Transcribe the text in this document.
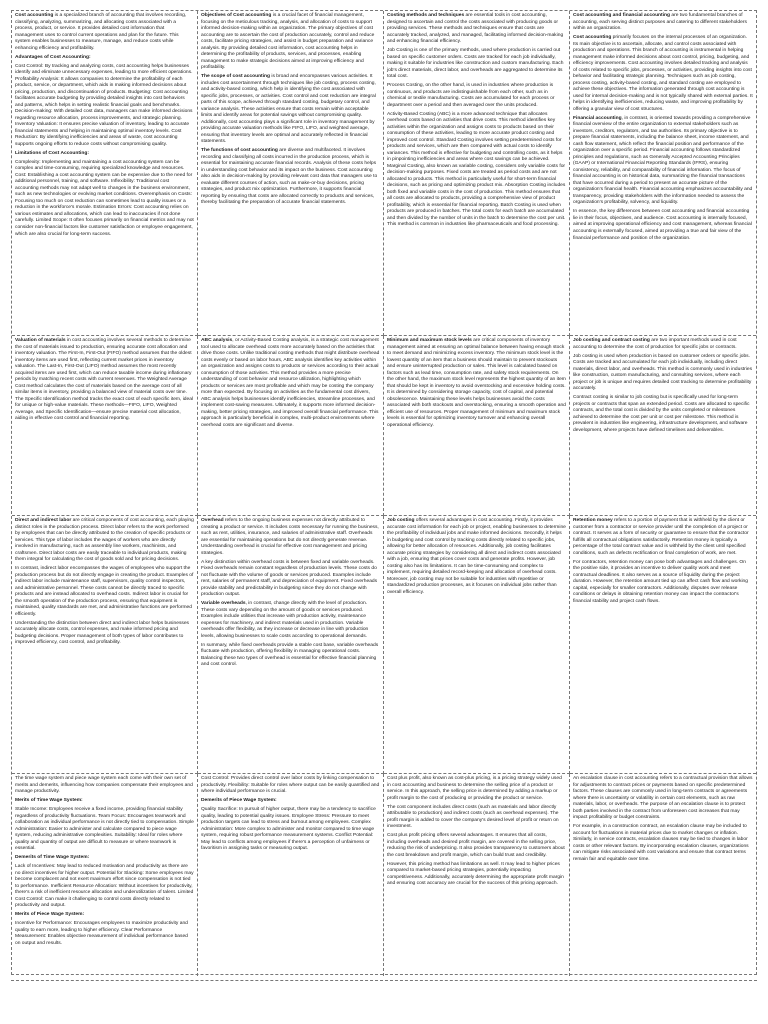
Cost accounting is a specialized branch of accounting that involves recording, classifying, analyzing, summarizing, and allocating costs associated with a process, product, or service. It provides detailed cost information that management uses to control current operations and plan for the future. This system enables businesses to measure, manage, and reduce costs while enhancing efficiency and profitability.

Advantages of Cost Accounting:

Cost Control: By tracking and analyzing costs, cost accounting helps businesses identify and eliminate unnecessary expenses, leading to more efficient operations. Profitability Analysis: It allows companies to determine the profitability of each product, service, or department, which aids in making informed decisions about pricing, production, and discontinuation of products. Budgeting: Cost accounting facilitates accurate budgeting by providing detailed insights into cost behaviors and patterns, which helps in setting realistic financial goals and benchmarks. Decision-making: With detailed cost data, managers can make informed decisions regarding resource allocation, process improvements, and strategic planning. Inventory Valuation: It ensures precise valuation of inventory, leading to accurate financial statements and helping in maintaining optimal inventory levels. Cost Reduction: By identifying inefficiencies and areas of waste, cost accounting supports ongoing efforts to reduce costs without compromising quality.

Limitations of Cost Accounting:

Complexity: Implementing and maintaining a cost accounting system can be complex and time-consuming, requiring specialized knowledge and resources. Cost: Establishing a cost accounting system can be expensive due to the need for additional personnel, training, and software. Inflexibility: Traditional cost accounting methods may not adapt well to changes in the business environment, such as new technologies or evolving market conditions. Overemphasis on Costs: Focusing too much on cost reduction can sometimes lead to quality issues or a reduction in the workforce's morale. Estimation Errors: Cost accounting relies on various estimates and allocations, which can lead to inaccuracies if not done carefully. Limited Scope: It often focuses primarily on financial metrics and may not consider non-financial factors like customer satisfaction or employee engagement, which are also crucial for long-term success.

Objectives of Cost accounting is a crucial facet of financial management, focusing on the meticulous tracking, analysis, and allocation of costs to support informed decision-making within an organization. The primary objectives of cost accounting are to ascertain the cost of production accurately, control and reduce costs, facilitate pricing strategies, and assist in budget preparation and variance analysis. By providing detailed cost information, cost accounting helps in determining the profitability of products, services, and processes, enabling management to make strategic decisions aimed at improving efficiency and profitability.

The scope of cost accounting is broad and encompasses various activities. It includes cost ascertainment through techniques like job costing, process costing, and activity-based costing, which help in identifying the cost associated with specific jobs, processes, or activities. Cost control and cost reduction are integral parts of this scope, achieved through standard costing, budgetary control, and variance analysis. These activities ensure that costs remain within acceptable limits and identify areas for potential savings without compromising quality. Additionally, cost accounting plays a significant role in inventory management by providing accurate valuation methods like FIFO, LIFO, and weighted average, ensuring that inventory levels are optimal and accurately reflected in financial statements.

The functions of cost accounting are diverse and multifaceted. It involves recording and classifying all costs incurred in the production process, which is essential for maintaining accurate financial records. Analysis of these costs helps in understanding cost behavior and its impact on the business. Cost accounting also aids in decision-making by providing relevant cost data that managers use to evaluate different courses of action, such as make-or-buy decisions, pricing strategies, and product mix optimization. Furthermore, it supports financial reporting by ensuring that costs are allocated correctly to products and services, thereby facilitating the preparation of accurate financial statements.

Costing methods and techniques are essential tools in cost accounting, designed to ascertain and control the costs associated with producing goods or providing services. These methods and techniques ensure that costs are accurately tracked, analyzed, and managed, facilitating informed decision-making and enhancing financial efficiency.

Job Costing is one of the primary methods, used where production is carried out based on specific customer orders. Costs are tracked for each job individually, making it suitable for industries like construction and custom manufacturing. Each job's direct materials, direct labor, and overheads are aggregated to determine its total cost.

Process Costing, on the other hand, is used in industries where production is continuous, and products are indistinguishable from each other, such as in chemical or textile manufacturing. Costs are accumulated for each process or department over a period and then averaged over the units produced.

Activity-Based Costing (ABC) is a more advanced technique that allocates overhead costs based on activities that drive costs. This method identifies key activities within the organization and assigns costs to products based on their consumption of these activities, leading to more accurate product costing and improved cost control. Standard Costing involves setting predetermined costs for products and services, which are then compared with actual costs to identify variances. This method is effective for budgeting and controlling costs, as it helps in pinpointing inefficiencies and areas where cost savings can be achieved. Marginal Costing, also known as variable costing, considers only variable costs for decision-making purposes. Fixed costs are treated as period costs and are not allocated to products. This method is particularly useful for short-term financial decisions, such as pricing and optimizing product mix. Absorption Costing includes both fixed and variable costs in the cost of production. This method ensures that all costs are allocated to products, providing a comprehensive view of product profitability, which is essential for financial reporting. Batch Costing is used when products are produced in batches. The total costs for each batch are accumulated and then divided by the number of units in the batch to determine the cost per unit. This method is common in industries like pharmaceuticals and food processing.

Cost accounting and financial accounting are two fundamental branches of accounting, each serving distinct purposes and catering to different stakeholders within an organization.

Cost accounting primarily focuses on the internal processes of an organization. Its main objective is to ascertain, allocate, and control costs associated with production and operations. This branch of accounting is instrumental in helping management make informed decisions about cost control, pricing, budgeting, and efficiency improvements. Cost accounting involves detailed tracking and analysis of costs related to specific jobs, processes, or activities, providing insights into cost behavior and facilitating strategic planning. Techniques such as job costing, process costing, activity-based costing, and standard costing are employed to achieve these objectives. The information generated through cost accounting is used for internal decision-making and is not typically shared with external parties. It helps in identifying inefficiencies, reducing waste, and improving profitability by offering a granular view of cost structures.

Financial accounting, in contrast, is oriented towards providing a comprehensive financial overview of the entire organization to external stakeholders such as investors, creditors, regulators, and tax authorities. Its primary objective is to prepare financial statements, including the balance sheet, income statement, and cash flow statement, which reflect the financial position and performance of the organization over a specific period. Financial accounting follows standardized principles and regulations, such as Generally Accepted Accounting Principles (GAAP) or International Financial Reporting Standards (IFRS), ensuring consistency, reliability, and comparability of financial information. The focus of financial accounting is on historical data, summarizing the financial transactions that have occurred during a period to present an accurate picture of the organization's financial health. Financial accounting emphasizes accountability and transparency, providing stakeholders with the information needed to assess the organization's profitability, solvency, and liquidity.

In essence, the key differences between cost accounting and financial accounting lie in their focus, objectives, and audience. Cost accounting is internally focused, aimed at improving operational efficiency and cost management, whereas financial accounting is externally focused, aimed at providing a true and fair view of the financial performance and position of the organization.

Valuation of materials in cost accounting involves several methods to determine the cost of materials issued to production, ensuring accurate cost allocation and inventory valuation. The First-In, First-Out (FIFO) method assumes that the oldest inventory items are used first, reflecting current market prices in inventory valuation. The Last-In, First-Out (LIFO) method assumes the most recently acquired items are used first, which can reduce taxable income during inflationary periods by matching recent costs with current revenues. The Weighted Average Cost method calculates the cost of materials based on the average cost of all similar items in inventory, providing a balanced view of material costs over time. The Specific Identification method tracks the exact cost of each specific item, ideal for unique or high-value materials. These methods—FIFO, LIFO, Weighted Average, and Specific Identification—ensure precise material cost allocation, aiding in effective cost control and financial reporting.

ABC analysis, or Activity-Based Costing analysis, is a strategic cost management tool used to allocate overhead costs more accurately based on the activities that drive those costs. Unlike traditional costing methods that might distribute overhead costs evenly or based on labor hours, ABC analysis identifies key activities within an organization and assigns costs to products or services according to their actual consumption of those activities. This method provides a more precise understanding of cost behavior and resource utilization, highlighting which products or services are most profitable and which may be costing the company more than expected. By focusing on activities as the fundamental cost drivers, ABC analysis helps businesses identify inefficiencies, streamline processes, and implement cost-saving measures. Ultimately, it supports more informed decision-making, better pricing strategies, and improved overall financial performance. This approach is particularly beneficial in complex, multi-product environments where overhead costs are significant and diverse.

Minimum and maximum stock levels are critical components of inventory management aimed at ensuring an optimal balance between having enough stock to meet demand and minimizing excess inventory. The minimum stock level is the lowest quantity of an item that a business should maintain to prevent stockouts and ensure uninterrupted production or sales. This level is calculated based on factors such as lead time, consumption rate, and safety stock requirements. On the other hand, the maximum stock level represents the highest quantity of an item that should be kept in inventory to avoid overstocking and excessive holding costs. It is determined by considering storage capacity, cost of capital, and potential obsolescence. Maintaining these levels helps businesses avoid the costs associated with both stockouts and overstocking, ensuring a smooth operation and efficient use of resources. Proper management of minimum and maximum stock levels is essential for optimizing inventory turnover and enhancing overall operational efficiency.

Job costing and contract costing are two important methods used in cost accounting to determine the cost of production for specific jobs or contracts.

Job costing is used when production is based on customer orders or specific jobs. Costs are tracked and accumulated for each job individually, including direct materials, direct labor, and overheads. This method is commonly used in industries like construction, custom manufacturing, and consulting services, where each project or job is unique and requires detailed cost tracking to determine profitability accurately.

Contract costing is similar to job costing but is specifically used for long-term projects or contracts that span an extended period. Costs are allocated to specific contracts, and the total cost is divided by the units completed or milestones achieved to determine the cost per unit or cost per milestone. This method is prevalent in industries like engineering, infrastructure development, and software development, where projects have defined timelines and deliverables.

Direct and indirect labor are critical components of cost accounting, each playing distinct roles in the production process. Direct labor refers to the work performed by employees that can be directly attributed to the creation of specific products or services. This type of labor includes the wages of workers who are directly involved in manufacturing, such as assembly line workers, machinists, and craftsmen. Direct labor costs are easily traceable to individual products, making them integral for calculating the cost of goods sold and for pricing decisions.

In contrast, indirect labor encompasses the wages of employees who support the production process but do not directly engage in creating the product. Examples of indirect labor include maintenance staff, supervisors, quality control inspectors, and administrative personnel. These costs cannot be directly traced to specific products and are instead allocated to overhead costs. Indirect labor is crucial for the smooth operation of the production process, ensuring that equipment is maintained, quality standards are met, and administrative functions are performed efficiently.

Understanding the distinction between direct and indirect labor helps businesses accurately allocate costs, control expenses, and make informed pricing and budgeting decisions. Proper management of both types of labor contributes to improved efficiency, cost control, and profitability.

Overhead refers to the ongoing business expenses not directly attributed to creating a product or service. It includes costs necessary for running the business, such as rent, utilities, insurance, and salaries of administrative staff. Overheads are essential for maintaining operations but do not directly generate revenue. Understanding overhead is crucial for effective cost management and pricing strategies.

A key distinction within overhead costs is between fixed and variable overheads. Fixed overheads remain constant regardless of production levels. These costs do not fluctuate with the volume of goods or services produced. Examples include rent, salaries of permanent staff, and depreciation of equipment. Fixed overheads provide stability and predictability in budgeting since they do not change with production output.

Variable overheads, in contrast, change directly with the level of production. These costs vary depending on the amount of goods or services produced. Examples include utilities that increase with production activity, maintenance expenses for machinery, and indirect materials used in production. Variable overheads offer flexibility, as they increase or decrease in line with production levels, allowing businesses to scale costs according to operational demands.

In summary, while fixed overheads provide a stable cost base, variable overheads fluctuate with production, offering flexibility in managing operational costs. Balancing these two types of overhead is essential for effective financial planning and cost control.

Job costing offers several advantages in cost accounting. Firstly, it provides accurate cost information for each job or project, enabling businesses to determine the profitability of individual jobs and make informed decisions. Secondly, it helps in budgeting and cost control by tracking costs directly related to specific jobs, allowing for better allocation of resources. Additionally, job costing facilitates accurate pricing strategies by considering all direct and indirect costs associated with a job, ensuring that prices cover costs and generate profits. However, job costing also has its limitations. It can be time-consuming and complex to implement, requiring detailed record-keeping and allocation of overhead costs. Moreover, job costing may not be suitable for industries with repetitive or standardized production processes, as it focuses on individual jobs rather than overall efficiency.

Retention money refers to a portion of payment that is withheld by the client or customer from a contractor or service provider until the completion of a project or contract. It serves as a form of security or guarantee to ensure that the contractor fulfills all contractual obligations satisfactorily. Retention money is typically a percentage of the total contract value and is withheld by the client until specified conditions, such as defects rectification or final completion of work, are met.

For contractors, retention money can pose both advantages and challenges. On the positive side, it provides an incentive to deliver quality work and meet contractual deadlines. It also serves as a source of liquidity during the project duration. However, the retention amount tied up can affect cash flow and working capital, especially for smaller contractors. Additionally, disputes over release conditions or delays in obtaining retention money can impact the contractor's financial stability and project cash flows.

The time wage system and piece wage system each come with their own set of merits and demerits, influencing how companies compensate their employees and manage productivity.

Merits of Time Wage System:

Stable Income: Employees receive a fixed income, providing financial stability regardless of productivity fluctuations. Team Focus: Encourages teamwork and collaboration as individual performance is not directly tied to compensation. Simple Administration: Easier to administer and calculate compared to piece wage system, reducing administrative complexities. Suitability: Ideal for roles where quality and quantity of output are difficult to measure or where teamwork is essential.

Demerits of Time Wage System:

Lack of Incentives: May lead to reduced motivation and productivity as there are no direct incentives for higher output. Potential for Slacking: Some employees may become complacent and not exert maximum effort since compensation is not tied to performance. Inefficient Resource Allocation: Without incentives for productivity, there's a risk of inefficient resource allocation and underutilization of talent. Limited Cost Control: Can make it challenging to control costs directly related to productivity and output.

Merits of Piece Wage System:

Incentive for Performance: Encourages employees to maximize productivity and quality to earn more, leading to higher efficiency. Clear Performance Measurement: Enables objective measurement of individual performance based on output and results.

Cost Control: Provides direct control over labor costs by linking compensation to productivity. Flexibility: Suitable for roles where output can be easily quantified and where individual performance is crucial.

Demerits of Piece Wage System:

Quality Sacrifice: In pursuit of higher output, there may be a tendency to sacrifice quality, leading to potential quality issues. Employee Stress: Pressure to meet production targets can lead to stress and burnout among employees. Complex Administration: More complex to administer and monitor compared to time wage system, requiring robust performance measurement systems. Conflict Potential: May lead to conflicts among employees if there's a perception of unfairness or favoritism in assigning tasks or measuring output.

Cost plus profit, also known as cost-plus pricing, is a pricing strategy widely used in cost accounting and business to determine the selling price of a product or service. In this approach, the selling price is determined by adding a markup or profit margin to the cost of producing or providing the product or service.

The cost component includes direct costs (such as materials and labor directly attributable to production) and indirect costs (such as overhead expenses). The profit margin is added to cover the company's desired level of profit or return on investment.

Cost plus profit pricing offers several advantages. It ensures that all costs, including overheads and desired profit margin, are covered in the selling price, reducing the risk of underpricing. It also provides transparency to customers about the cost breakdown and profit margin, which can build trust and credibility.

However, this pricing method has limitations as well. It may lead to higher prices compared to market-based pricing strategies, potentially impacting competitiveness. Additionally, accurately determining the appropriate profit margin and ensuring cost accuracy are crucial for the success of this pricing approach.

An escalation clause in cost accounting refers to a contractual provision that allows for adjustments to contract prices or payments based on specific predetermined factors. These clauses are commonly used in long-term contracts or agreements where there is uncertainty or volatility in certain cost elements, such as raw materials, labor, or overheads. The purpose of an escalation clause is to protect both parties involved in the contract from unforeseen cost increases that may impact profitability or budget constraints.

For example, in a construction contract, an escalation clause may be included to account for fluctuations in material prices due to market changes or inflation. Similarly, in service contracts, escalation clauses may be tied to changes in labor costs or other relevant factors. By incorporating escalation clauses, organizations can mitigate risks associated with cost variations and ensure that contract terms remain fair and equitable over time.
